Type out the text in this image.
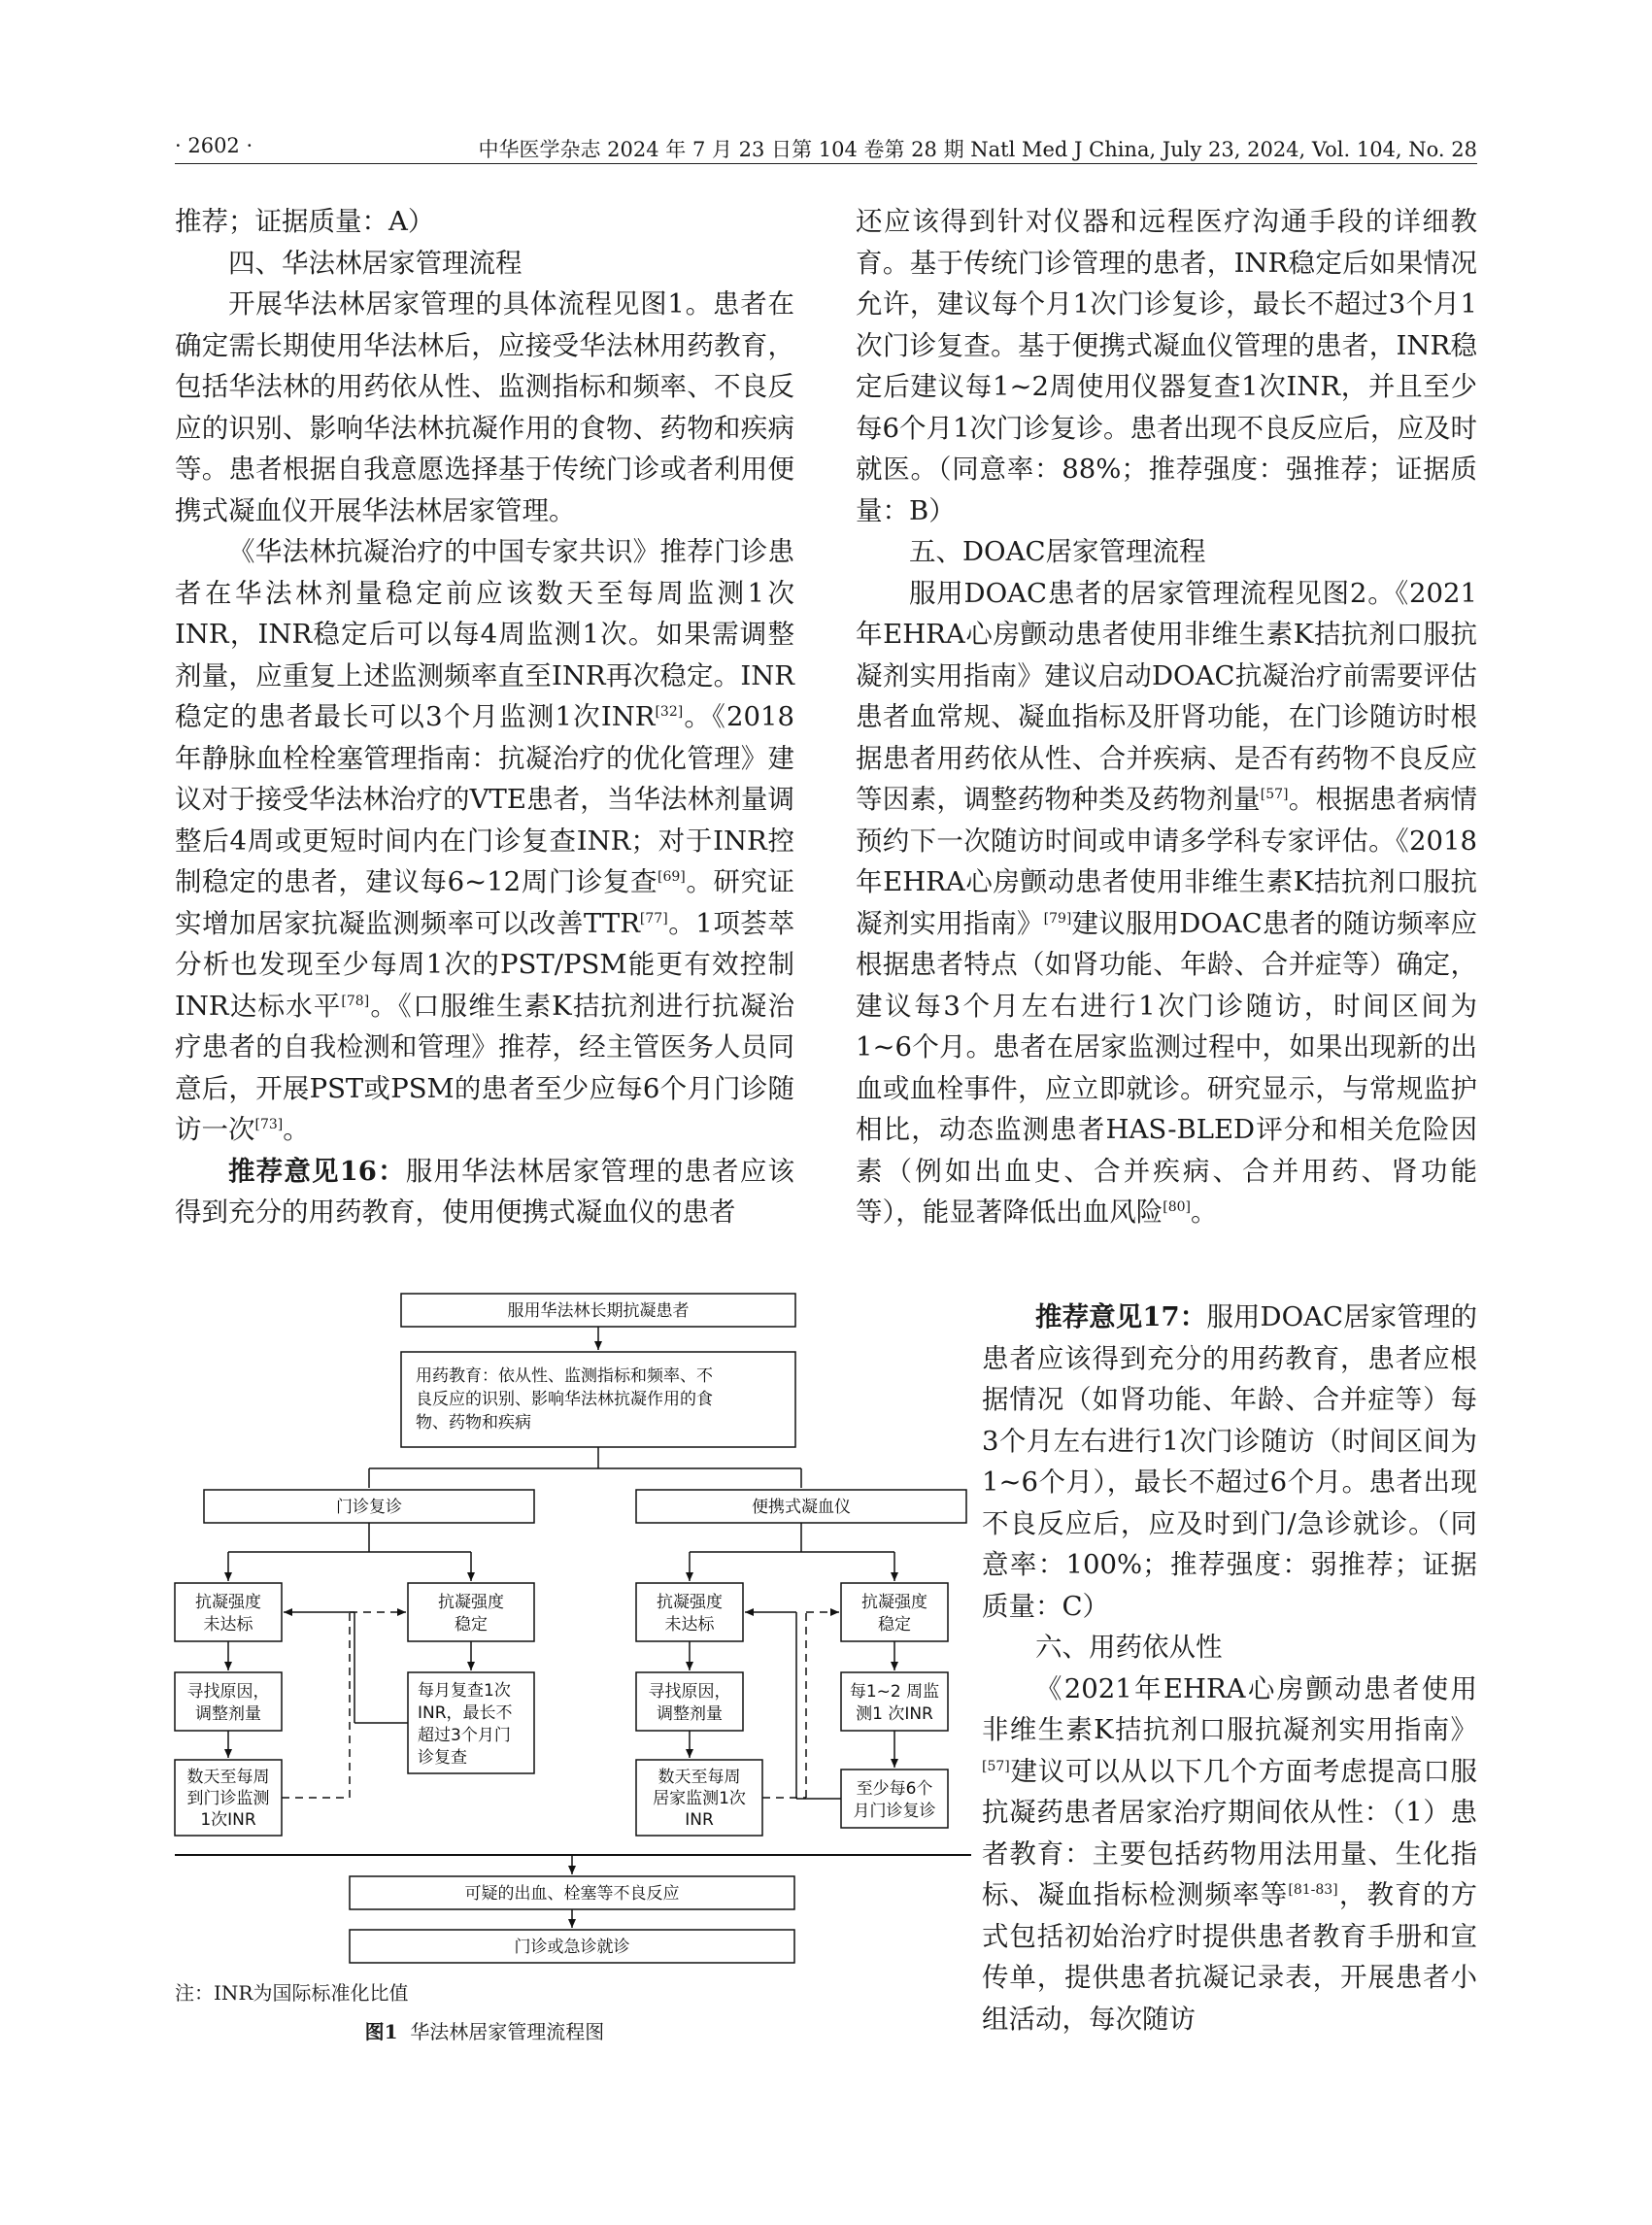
· 2602 ·	中华医学杂志 2024 年 7 月 23 日第 104 卷第 28 期 Natl Med J China, July 23, 2024, Vol. 104, No. 28

推荐；证据质量：A）

四、华法林居家管理流程

开展华法林居家管理的具体流程见图1。患者在确定需长期使用华法林后，应接受华法林用药教育，包括华法林的用药依从性、监测指标和频率、不良反应的识别、影响华法林抗凝作用的食物、药物和疾病等。患者根据自我意愿选择基于传统门诊或者利用便携式凝血仪开展华法林居家管理。

《华法林抗凝治疗的中国专家共识》推荐门诊患者在华法林剂量稳定前应该数天至每周监测1次INR，INR稳定后可以每4周监测1次。如果需调整剂量，应重复上述监测频率直至INR再次稳定。INR稳定的患者最长可以3个月监测1次INR[32]。《2018年静脉血栓栓塞管理指南：抗凝治疗的优化管理》建议对于接受华法林治疗的VTE患者，当华法林剂量调整后4周或更短时间内在门诊复查INR；对于INR控制稳定的患者，建议每6~12周门诊复查[69]。研究证实增加居家抗凝监测频率可以改善TTR[77]。1项荟萃分析也发现至少每周1次的PST/PSM能更有效控制INR达标水平[78]。《口服维生素K拮抗剂进行抗凝治疗患者的自我检测和管理》推荐，经主管医务人员同意后，开展PST或PSM的患者至少应每6个月门诊随访一次[73]。

推荐意见16：服用华法林居家管理的患者应该得到充分的用药教育，使用便携式凝血仪的患者

还应该得到针对仪器和远程医疗沟通手段的详细教育。基于传统门诊管理的患者，INR稳定后如果情况允许，建议每个月1次门诊复诊，最长不超过3个月1次门诊复查。基于便携式凝血仪管理的患者，INR稳定后建议每1~2周使用仪器复查1次INR，并且至少每6个月1次门诊复诊。患者出现不良反应后，应及时就医。（同意率：88%；推荐强度：强推荐；证据质量：B）

五、DOAC居家管理流程

服用DOAC患者的居家管理流程见图2。《2021年EHRA心房颤动患者使用非维生素K拮抗剂口服抗凝剂实用指南》建议启动DOAC抗凝治疗前需要评估患者血常规、凝血指标及肝肾功能，在门诊随访时根据患者用药依从性、合并疾病、是否有药物不良反应等因素，调整药物种类及药物剂量[57]。根据患者病情预约下一次随访时间或申请多学科专家评估。《2018年EHRA心房颤动患者使用非维生素K拮抗剂口服抗凝剂实用指南》[79]建议服用DOAC患者的随访频率应根据患者特点（如肾功能、年龄、合并症等）确定，建议每3个月左右进行1次门诊随访，时间区间为1~6个月。患者在居家监测过程中，如果出现新的出血或血栓事件，应立即就诊。研究显示，与常规监护相比，动态监测患者HAS-BLED评分和相关危险因素（例如出血史、合并疾病、合并用药、肾功能等），能显著降低出血风险[80]。

推荐意见17：服用DOAC居家管理的患者应该得到充分的用药教育，患者应根据情况（如肾功能、年龄、合并症等）每3个月左右进行1次门诊随访（时间区间为1~6个月），最长不超过6个月。患者出现不良反应后，应及时到门/急诊就诊。（同意率：100%；推荐强度：弱推荐；证据质量：C）

六、用药依从性

《2021年EHRA心房颤动患者使用非维生素K拮抗剂口服抗凝剂实用指南》[57]建议可以从以下几个方面考虑提高口服抗凝药患者居家治疗期间依从性：（1）患者教育：主要包括药物用法用量、生化指标、凝血指标检测频率等[81-83]，教育的方式包括初始治疗时提供患者教育手册和宣传单，提供患者抗凝记录表，开展患者小组活动，每次随访

服用华法林长期抗凝患者
用药教育：依从性、监测指标和频率、不
良反应的识别、影响华法林抗凝作用的食
物、药物和疾病
门诊复诊	便携式凝血仪
抗凝强度
未达标
抗凝强度
稳定
寻找原因，
调整剂量
数天至每周
到门诊监测
1次INR
每月复查1次
INR，最长不
超过3个月门
诊复查
抗凝强度
未达标
抗凝强度
稳定
寻找原因，
调整剂量
数天至每周
居家监测1次
INR
每1~2 周监
测1 次INR
至少每6个
月门诊复诊
可疑的出血、栓塞等不良反应
门诊或急诊就诊
注：INR为国际标准化比值
图1 华法林居家管理流程图
